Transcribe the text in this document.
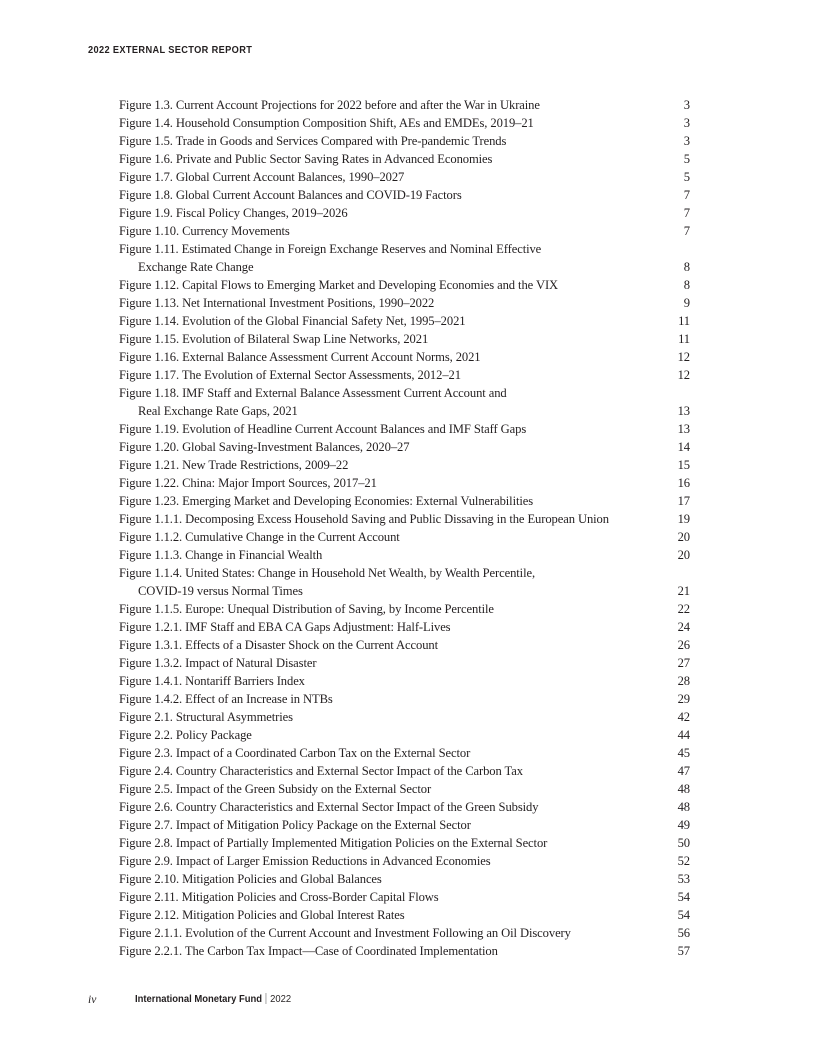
2022 EXTERNAL SECTOR REPORT
Figure 1.3. Current Account Projections for 2022 before and after the War in Ukraine	3
Figure 1.4. Household Consumption Composition Shift, AEs and EMDEs, 2019–21	3
Figure 1.5. Trade in Goods and Services Compared with Pre-pandemic Trends	3
Figure 1.6. Private and Public Sector Saving Rates in Advanced Economies	5
Figure 1.7. Global Current Account Balances, 1990–2027	5
Figure 1.8. Global Current Account Balances and COVID-19 Factors	7
Figure 1.9. Fiscal Policy Changes, 2019–2026	7
Figure 1.10. Currency Movements	7
Figure 1.11. Estimated Change in Foreign Exchange Reserves and Nominal Effective
Exchange Rate Change	8
Figure 1.12. Capital Flows to Emerging Market and Developing Economies and the VIX	8
Figure 1.13. Net International Investment Positions, 1990–2022	9
Figure 1.14. Evolution of the Global Financial Safety Net, 1995–2021	11
Figure 1.15. Evolution of Bilateral Swap Line Networks, 2021	11
Figure 1.16. External Balance Assessment Current Account Norms, 2021	12
Figure 1.17. The Evolution of External Sector Assessments, 2012–21	12
Figure 1.18. IMF Staff and External Balance Assessment Current Account and
Real Exchange Rate Gaps, 2021	13
Figure 1.19. Evolution of Headline Current Account Balances and IMF Staff Gaps	13
Figure 1.20. Global Saving-Investment Balances, 2020–27	14
Figure 1.21. New Trade Restrictions, 2009–22	15
Figure 1.22. China: Major Import Sources, 2017–21	16
Figure 1.23. Emerging Market and Developing Economies: External Vulnerabilities	17
Figure 1.1.1. Decomposing Excess Household Saving and Public Dissaving in the European Union	19
Figure 1.1.2. Cumulative Change in the Current Account	20
Figure 1.1.3. Change in Financial Wealth	20
Figure 1.1.4. United States: Change in Household Net Wealth, by Wealth Percentile,
COVID-19 versus Normal Times	21
Figure 1.1.5. Europe: Unequal Distribution of Saving, by Income Percentile	22
Figure 1.2.1. IMF Staff and EBA CA Gaps Adjustment: Half-Lives	24
Figure 1.3.1. Effects of a Disaster Shock on the Current Account	26
Figure 1.3.2. Impact of Natural Disaster	27
Figure 1.4.1. Nontariff Barriers Index	28
Figure 1.4.2. Effect of an Increase in NTBs	29
Figure 2.1. Structural Asymmetries	42
Figure 2.2. Policy Package	44
Figure 2.3. Impact of a Coordinated Carbon Tax on the External Sector	45
Figure 2.4. Country Characteristics and External Sector Impact of the Carbon Tax	47
Figure 2.5. Impact of the Green Subsidy on the External Sector	48
Figure 2.6. Country Characteristics and External Sector Impact of the Green Subsidy	48
Figure 2.7. Impact of Mitigation Policy Package on the External Sector	49
Figure 2.8. Impact of Partially Implemented Mitigation Policies on the External Sector	50
Figure 2.9. Impact of Larger Emission Reductions in Advanced Economies	52
Figure 2.10. Mitigation Policies and Global Balances	53
Figure 2.11. Mitigation Policies and Cross-Border Capital Flows	54
Figure 2.12. Mitigation Policies and Global Interest Rates	54
Figure 2.1.1. Evolution of the Current Account and Investment Following an Oil Discovery	56
Figure 2.2.1. The Carbon Tax Impact—Case of Coordinated Implementation	57
iv	International Monetary Fund 2022
